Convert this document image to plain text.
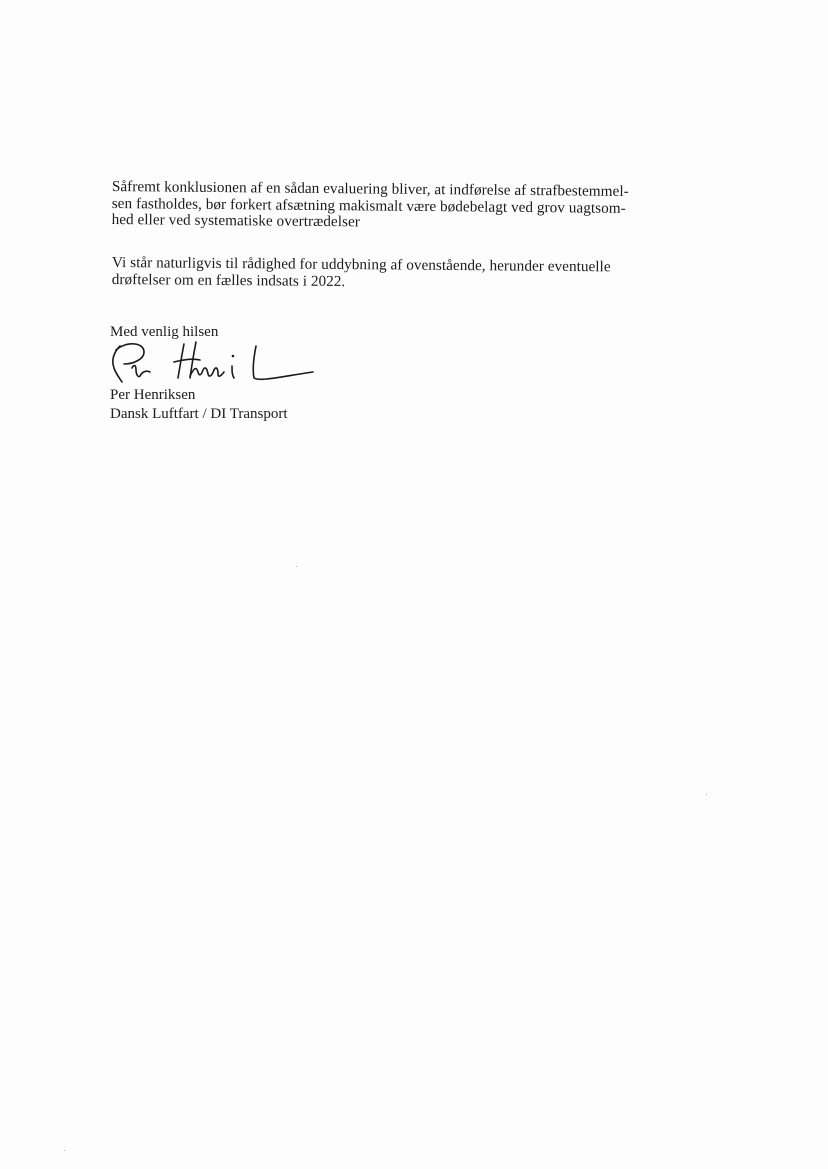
Såfremt konklusionen af en sådan evaluering bliver, at indførelse af strafbestemmel-
sen fastholdes, bør forkert afsætning makismalt være bødebelagt ved grov uagtsom-
hed eller ved systematiske overtrædelser

Vi står naturligvis til rådighed for uddybning af ovenstående, herunder eventuelle
drøftelser om en fælles indsats i 2022.

Med venlig hilsen

Per Henriksen

Dansk Luftfart / DI Transport
